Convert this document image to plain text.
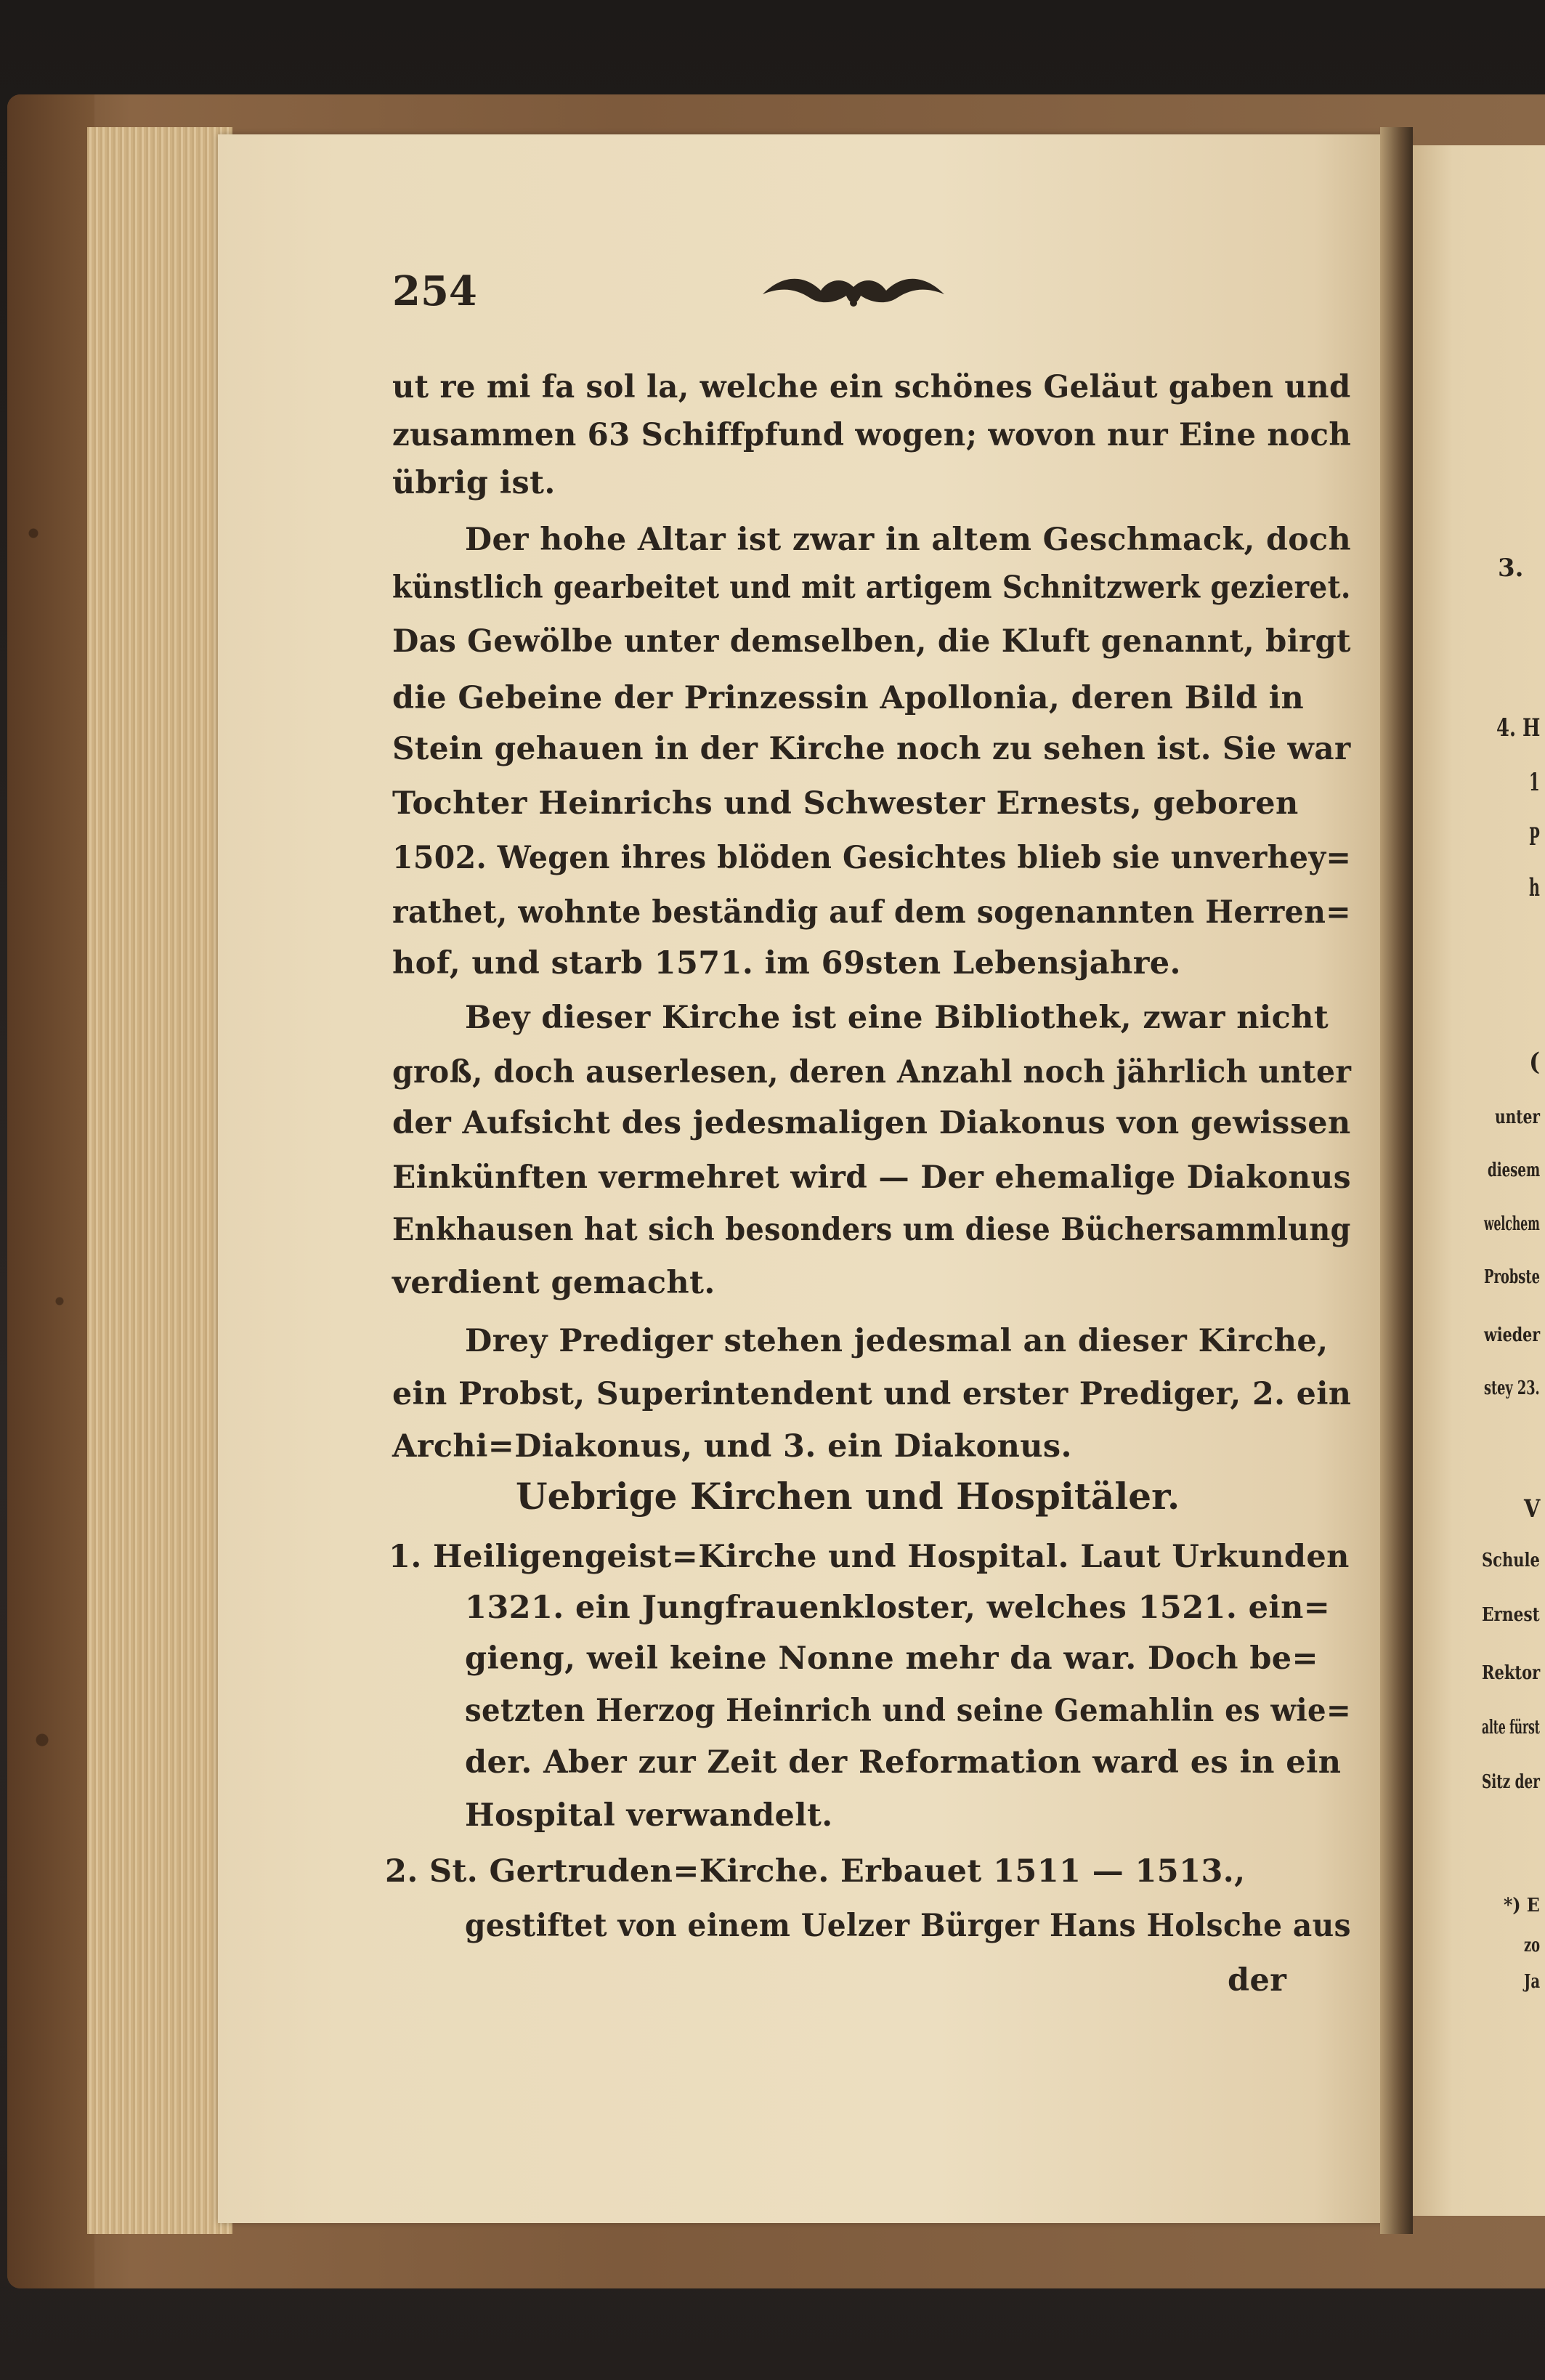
254
ut re mi fa sol la, welche ein schönes Geläut gaben und
zusammen 63 Schiffpfund wogen; wovon nur Eine noch
übrig ist.
Der hohe Altar ist zwar in altem Geschmack, doch
künstlich gearbeitet und mit artigem Schnitzwerk gezieret.
Das Gewölbe unter demselben, die Kluft genannt, birgt
die Gebeine der Prinzessin Apollonia, deren Bild in
Stein gehauen in der Kirche noch zu sehen ist. Sie war
Tochter Heinrichs und Schwester Ernests, geboren
1502. Wegen ihres blöden Gesichtes blieb sie unverhey=
rathet, wohnte beständig auf dem sogenannten Herren=
hof, und starb 1571. im 69sten Lebensjahre.
Bey dieser Kirche ist eine Bibliothek, zwar nicht
groß, doch auserlesen, deren Anzahl noch jährlich unter
der Aufsicht des jedesmaligen Diakonus von gewissen
Einkünften vermehret wird — Der ehemalige Diakonus
Enkhausen hat sich besonders um diese Büchersammlung
verdient gemacht.
Drey Prediger stehen jedesmal an dieser Kirche,
ein Probst, Superintendent und erster Prediger, 2. ein
Archi=Diakonus, und 3. ein Diakonus.
Uebrige Kirchen und Hospitäler.
1. Heiligengeist=Kirche und Hospital. Laut Urkunden
1321. ein Jungfrauenkloster, welches 1521. ein=
gieng, weil keine Nonne mehr da war. Doch be=
setzten Herzog Heinrich und seine Gemahlin es wie=
der. Aber zur Zeit der Reformation ward es in ein
Hospital verwandelt.
2. St. Gertruden=Kirche. Erbauet 1511 — 1513.,
gestiftet von einem Uelzer Bürger Hans Holsche aus
der
3.
4. H
1
P
h
(
unter
diesem
welchem
Probste
wieder
stey 23.
V
Schule
Ernest
Rektor
alte fürst
Sitz der
*) E
zo
Ja
